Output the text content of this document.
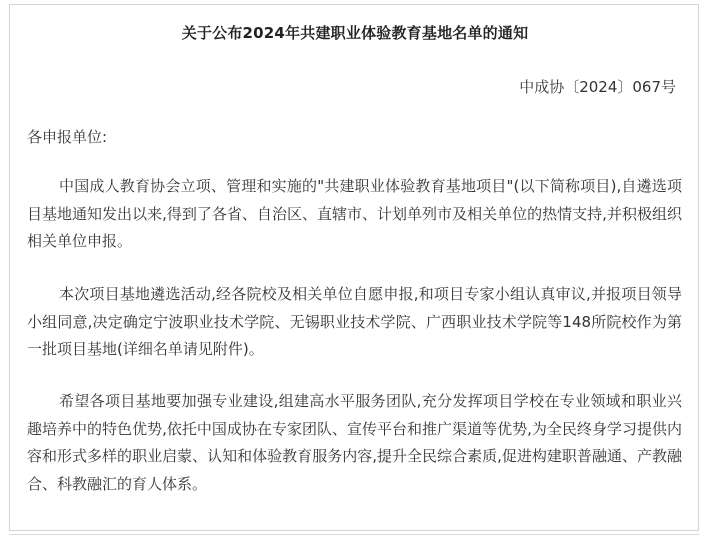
关于公布2024年共建职业体验教育基地名单的通知
中成协〔2024〕067号
各申报单位:

中国成人教育协会立项、管理和实施的"共建职业体验教育基地项目"(以下简称项目),自遴选项目基地通知发出以来,得到了各省、自治区、直辖市、计划单列市及相关单位的热情支持,并积极组织相关单位申报。

本次项目基地遴选活动,经各院校及相关单位自愿申报,和项目专家小组认真审议,并报项目领导小组同意,决定确定宁波职业技术学院、无锡职业技术学院、广西职业技术学院等148所院校作为第一批项目基地(详细名单请见附件)。

希望各项目基地要加强专业建设,组建高水平服务团队,充分发挥项目学校在专业领域和职业兴趣培养中的特色优势,依托中国成协在专家团队、宣传平台和推广渠道等优势,为全民终身学习提供内容和形式多样的职业启蒙、认知和体验教育服务内容,提升全民综合素质,促进构建职普融通、产教融合、科教融汇的育人体系。
